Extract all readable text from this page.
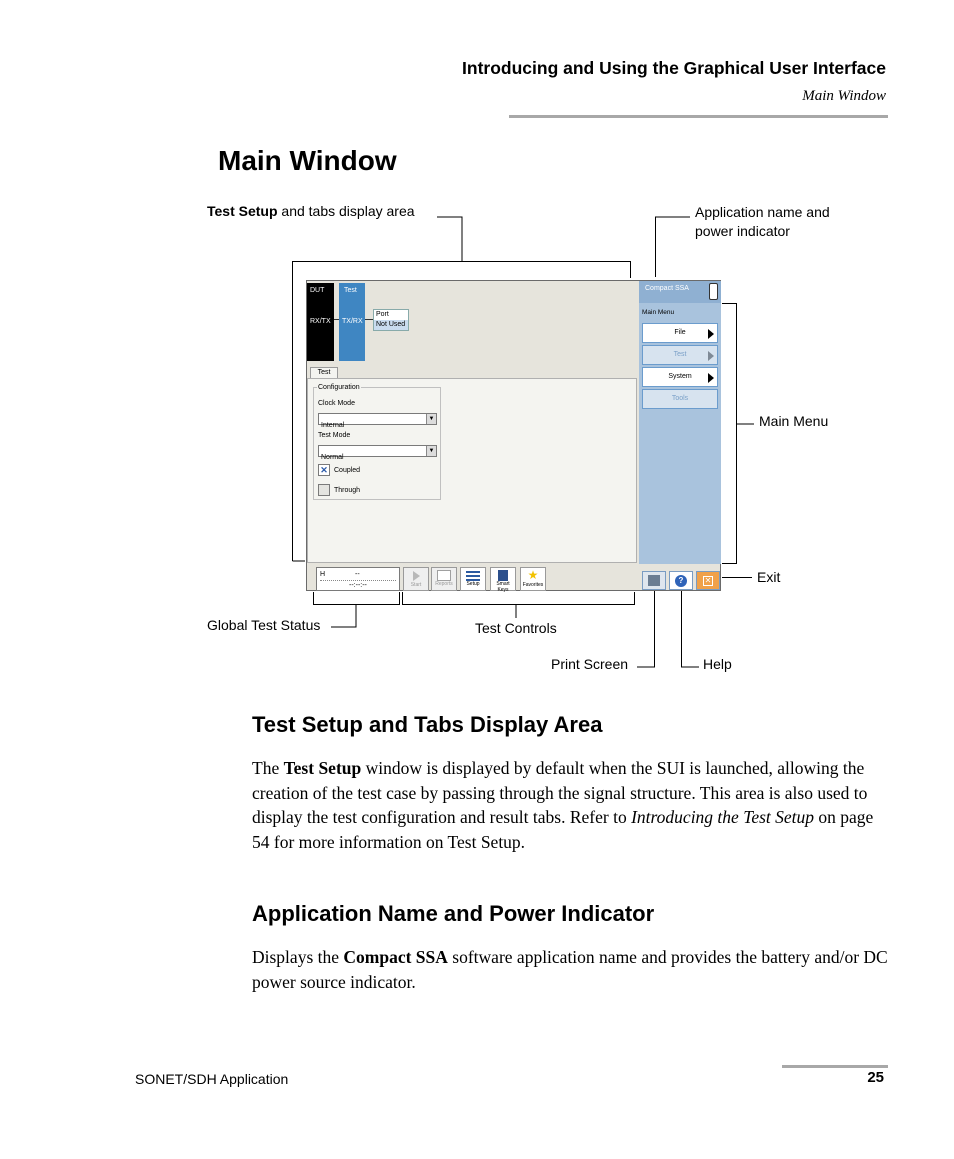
Introducing and Using the Graphical User Interface
Main Window
Main Window
Test Setup and tabs display area	Application name and
power indicator
Main Menu
Exit
Global Test Status	Test Controls
Print Screen	Help
DUT
RX/TX
Test
TX/RX
Port
Not Used
Test
Configuration
Clock Mode
Internal
▼
Test Mode
Normal
▼
✕ Coupled
Through
H	--
--:--:--	Start	Reports	Setup	Smart Keys
★
Favorites
Compact SSA
Main Menu
File
Test
System
Tools
?	✕
Test Setup and Tabs Display Area

The Test Setup window is displayed by default when the SUI is launched, allowing the creation of the test case by passing through the signal structure. This area is also used to display the test configuration and result tabs. Refer to Introducing the Test Setup on page 54 for more information on Test Setup.

Application Name and Power Indicator

Displays the Compact SSA software application name and provides the battery and/or DC power source indicator.

SONET/SDH Application	25
